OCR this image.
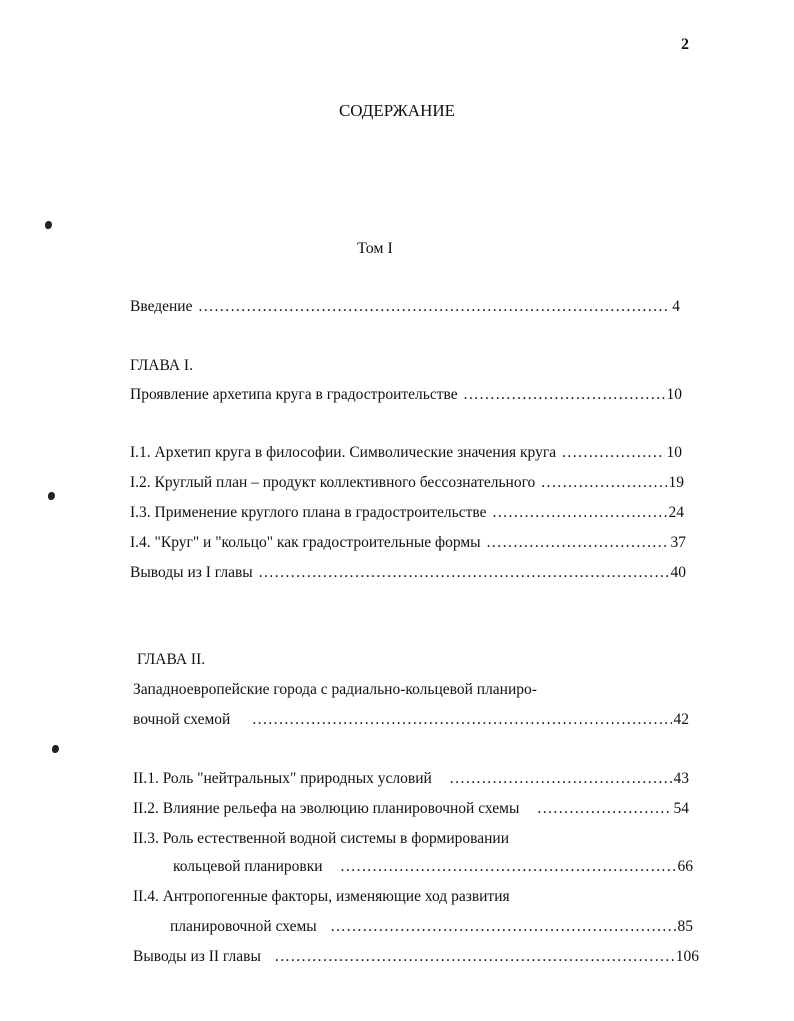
2
СОДЕРЖАНИЕ
Том I
Введение . . .	4
ГЛАВА I.
Проявление архетипа круга в градостроительстве . . .	10
I.1. Архетип круга в философии. Символические значения круга . . .	10
I.2. Круглый план – продукт коллективного бессознательного . . .	19
I.3. Применение круглого плана в градостроительстве . . .	24
I.4. "Круг" и "кольцо" как градостроительные формы . . .	37
Выводы из I главы . . .	40
ГЛАВА II.
Западноевропейские города с радиально-кольцевой планиро-
вочной схемой . . .	42
II.1. Роль "нейтральных" природных условий . . .	43
II.2. Влияние рельефа на эволюцию планировочной схемы . . .	54
II.3. Роль естественной водной системы в формировании
кольцевой планировки . . .	66
II.4. Антропогенные факторы, изменяющие ход развития
планировочной схемы . . .	85
Выводы из II главы . . .	106
